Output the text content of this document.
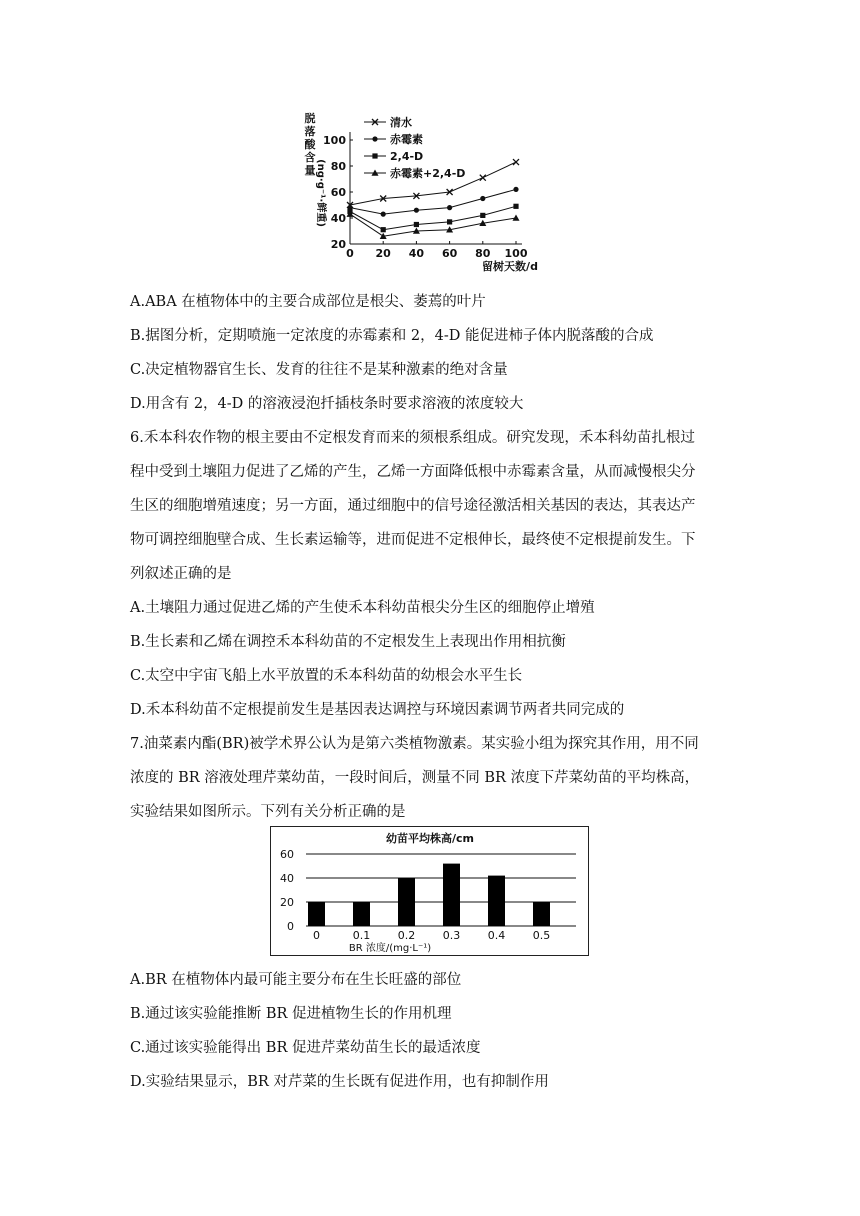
脱
落
酸
含
量 (ng·g⁻¹·鲜重)
20
40
60
80
100
0 20 40 60 80 100
清水
赤霉素
2,4-D
赤霉素+2,4-D
留树天数/d
A.ABA 在植物体中的主要合成部位是根尖、萎蔫的叶片
B.据图分析，定期喷施一定浓度的赤霉素和 2，4-D 能促进柿子体内脱落酸的合成
C.决定植物器官生长、发育的往往不是某种激素的绝对含量
D.用含有 2，4-D 的溶液浸泡扦插枝条时要求溶液的浓度较大
6.禾本科农作物的根主要由不定根发育而来的须根系组成。研究发现，禾本科幼苗扎根过
程中受到土壤阻力促进了乙烯的产生，乙烯一方面降低根中赤霉素含量，从而减慢根尖分
生区的细胞增殖速度；另一方面，通过细胞中的信号途径激活相关基因的表达，其表达产
物可调控细胞壁合成、生长素运输等，进而促进不定根伸长，最终使不定根提前发生。下
列叙述正确的是
A.土壤阻力通过促进乙烯的产生使禾本科幼苗根尖分生区的细胞停止增殖
B.生长素和乙烯在调控禾本科幼苗的不定根发生上表现出作用相抗衡
C.太空中宇宙飞船上水平放置的禾本科幼苗的幼根会水平生长
D.禾本科幼苗不定根提前发生是基因表达调控与环境因素调节两者共同完成的
7.油菜素内酯(BR)被学术界公认为是第六类植物激素。某实验小组为探究其作用，用不同
浓度的 BR 溶液处理芹菜幼苗，一段时间后，测量不同 BR 浓度下芹菜幼苗的平均株高，
实验结果如图所示。下列有关分析正确的是
幼苗平均株高/cm
0
20
40
60
0	0.1	0.2	0.3	0.4	0.5
BR 浓度/(mg·L⁻¹)
A.BR 在植物体内最可能主要分布在生长旺盛的部位
B.通过该实验能推断 BR 促进植物生长的作用机理
C.通过该实验能得出 BR 促进芹菜幼苗生长的最适浓度
D.实验结果显示，BR 对芹菜的生长既有促进作用，也有抑制作用
